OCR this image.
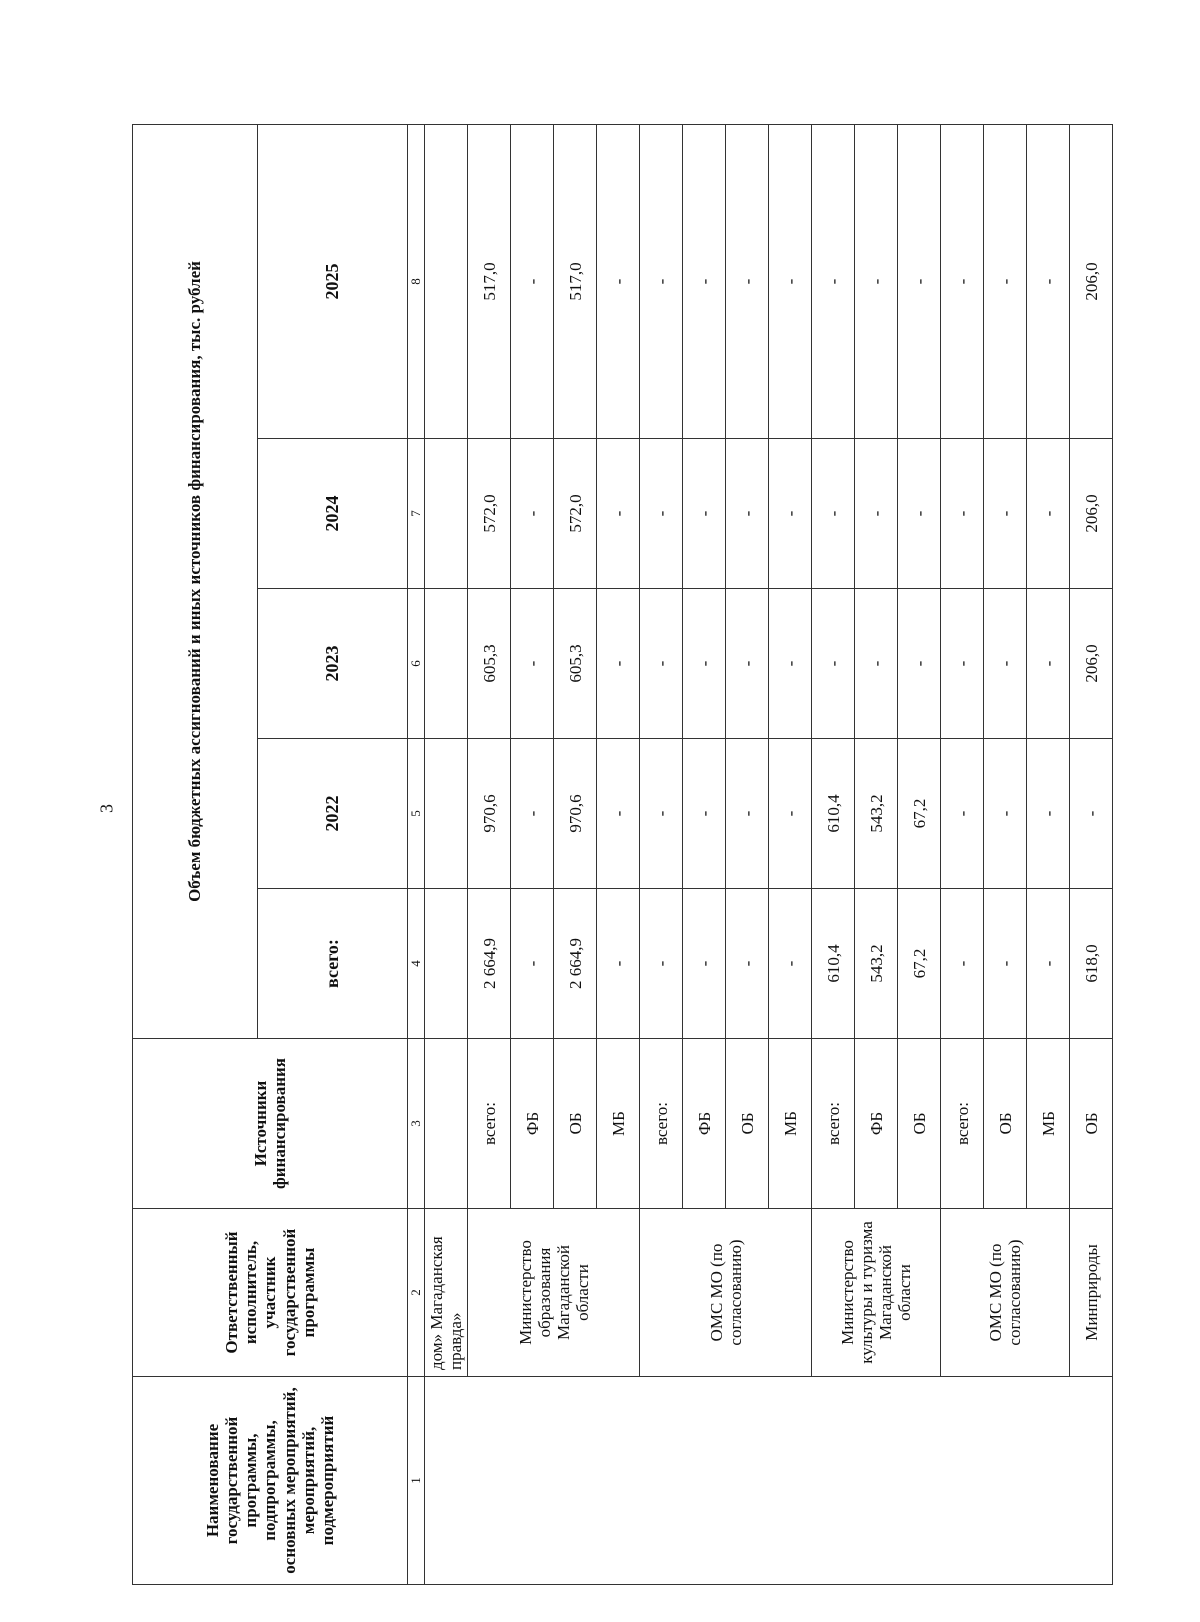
3
Наименование государственной программы, подпрограммы, основных мероприятий, мероприятий, подмероприятий	Ответственный исполнитель, участник государственной программы	Источники финансирования	Объем бюджетных ассигнований и иных источников финансирования, тыс. рублей				
			всего:	2022	2023	2024	2025
1	2	3	4	5	6	7	8
	дом» Магаданская правда»						
	Министерство образования Магаданской области	всего:	2 664,9	970,6	605,3	572,0	517,0
		ФБ	-	-	-	-	-
		ОБ	2 664,9	970,6	605,3	572,0	517,0
		МБ	-	-	-	-	-
	ОМС МО (по согласованию)	всего:	-	-	-	-	-
		ФБ	-	-	-	-	-
		ОБ	-	-	-	-	-
		МБ	-	-	-	-	-
	Министерство культуры и туризма Магаданской области	всего:	610,4	610,4	-	-	-
		ФБ	543,2	543,2	-	-	-
		ОБ	67,2	67,2	-	-	-
	ОМС МО (по согласованию)	всего:	-	-	-	-	-
		ОБ	-	-	-	-	-
		МБ	-	-	-	-	-
	Минприроды	ОБ	618,0	-	206,0	206,0	206,0
